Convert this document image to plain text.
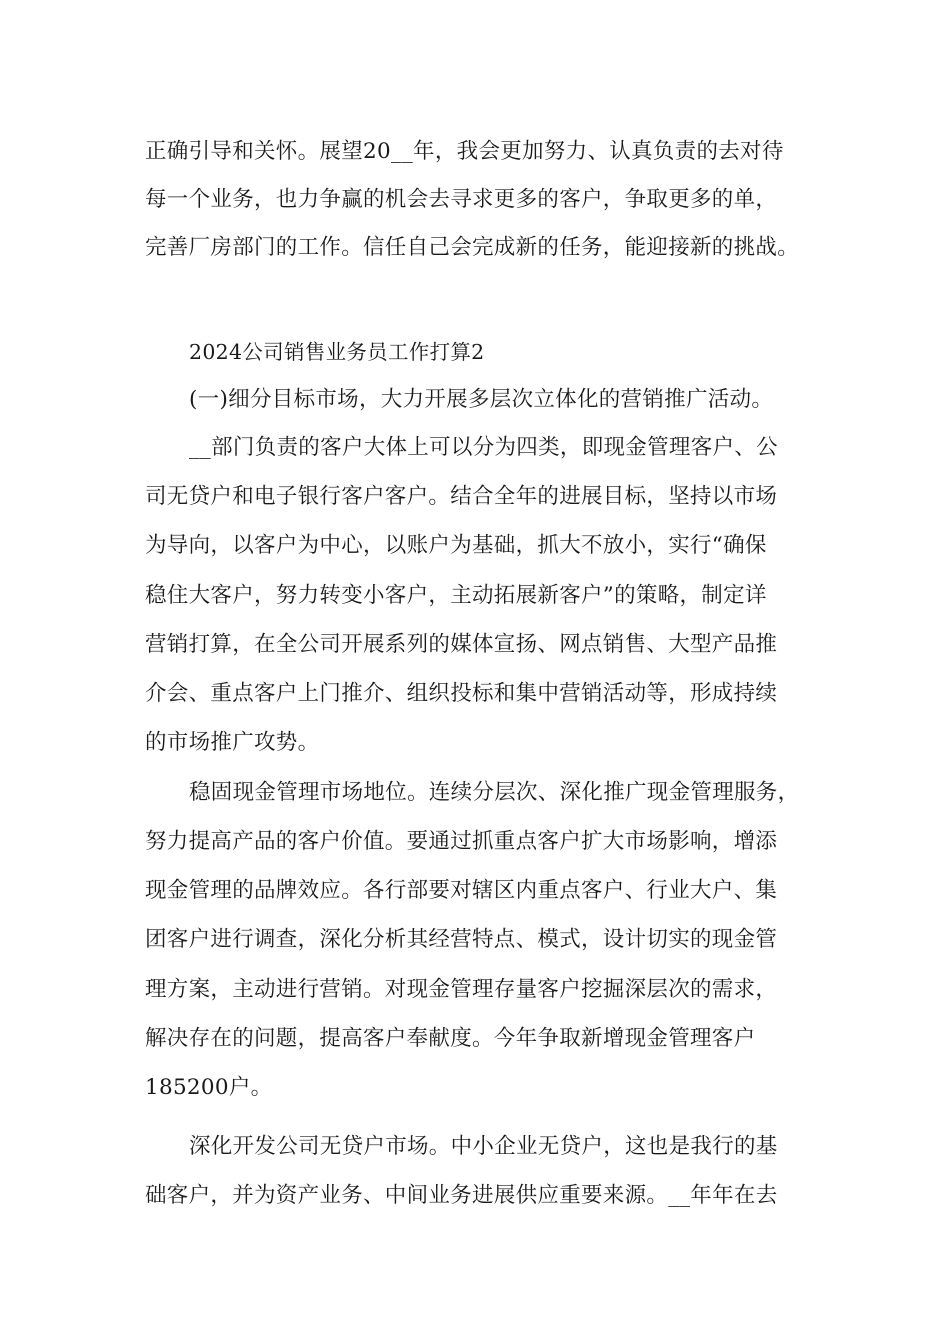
正确引导和关怀。展望20__年，我会更加努力、认真负责的去对待
每一个业务，也力争赢的机会去寻求更多的客户，争取更多的单，
完善厂房部门的工作。信任自己会完成新的任务，能迎接新的挑战。
2024公司销售业务员工作打算2
(一)细分目标市场，大力开展多层次立体化的营销推广活动。
__部门负责的客户大体上可以分为四类，即现金管理客户、公
司无贷户和电子银行客户客户。结合全年的进展目标，坚持以市场
为导向，以客户为中心，以账户为基础，抓大不放小，实行“确保
稳住大客户，努力转变小客户，主动拓展新客户”的策略，制定详
营销打算，在全公司开展系列的媒体宣扬、网点销售、大型产品推
介会、重点客户上门推介、组织投标和集中营销活动等，形成持续
的市场推广攻势。
稳固现金管理市场地位。连续分层次、深化推广现金管理服务，
努力提高产品的客户价值。要通过抓重点客户扩大市场影响，增添
现金管理的品牌效应。各行部要对辖区内重点客户、行业大户、集
团客户进行调查，深化分析其经营特点、模式，设计切实的现金管
理方案，主动进行营销。对现金管理存量客户挖掘深层次的需求，
解决存在的问题，提高客户奉献度。今年争取新增现金管理客户
185200户。
深化开发公司无贷户市场。中小企业无贷户，这也是我行的基
础客户，并为资产业务、中间业务进展供应重要来源。__年年在去
